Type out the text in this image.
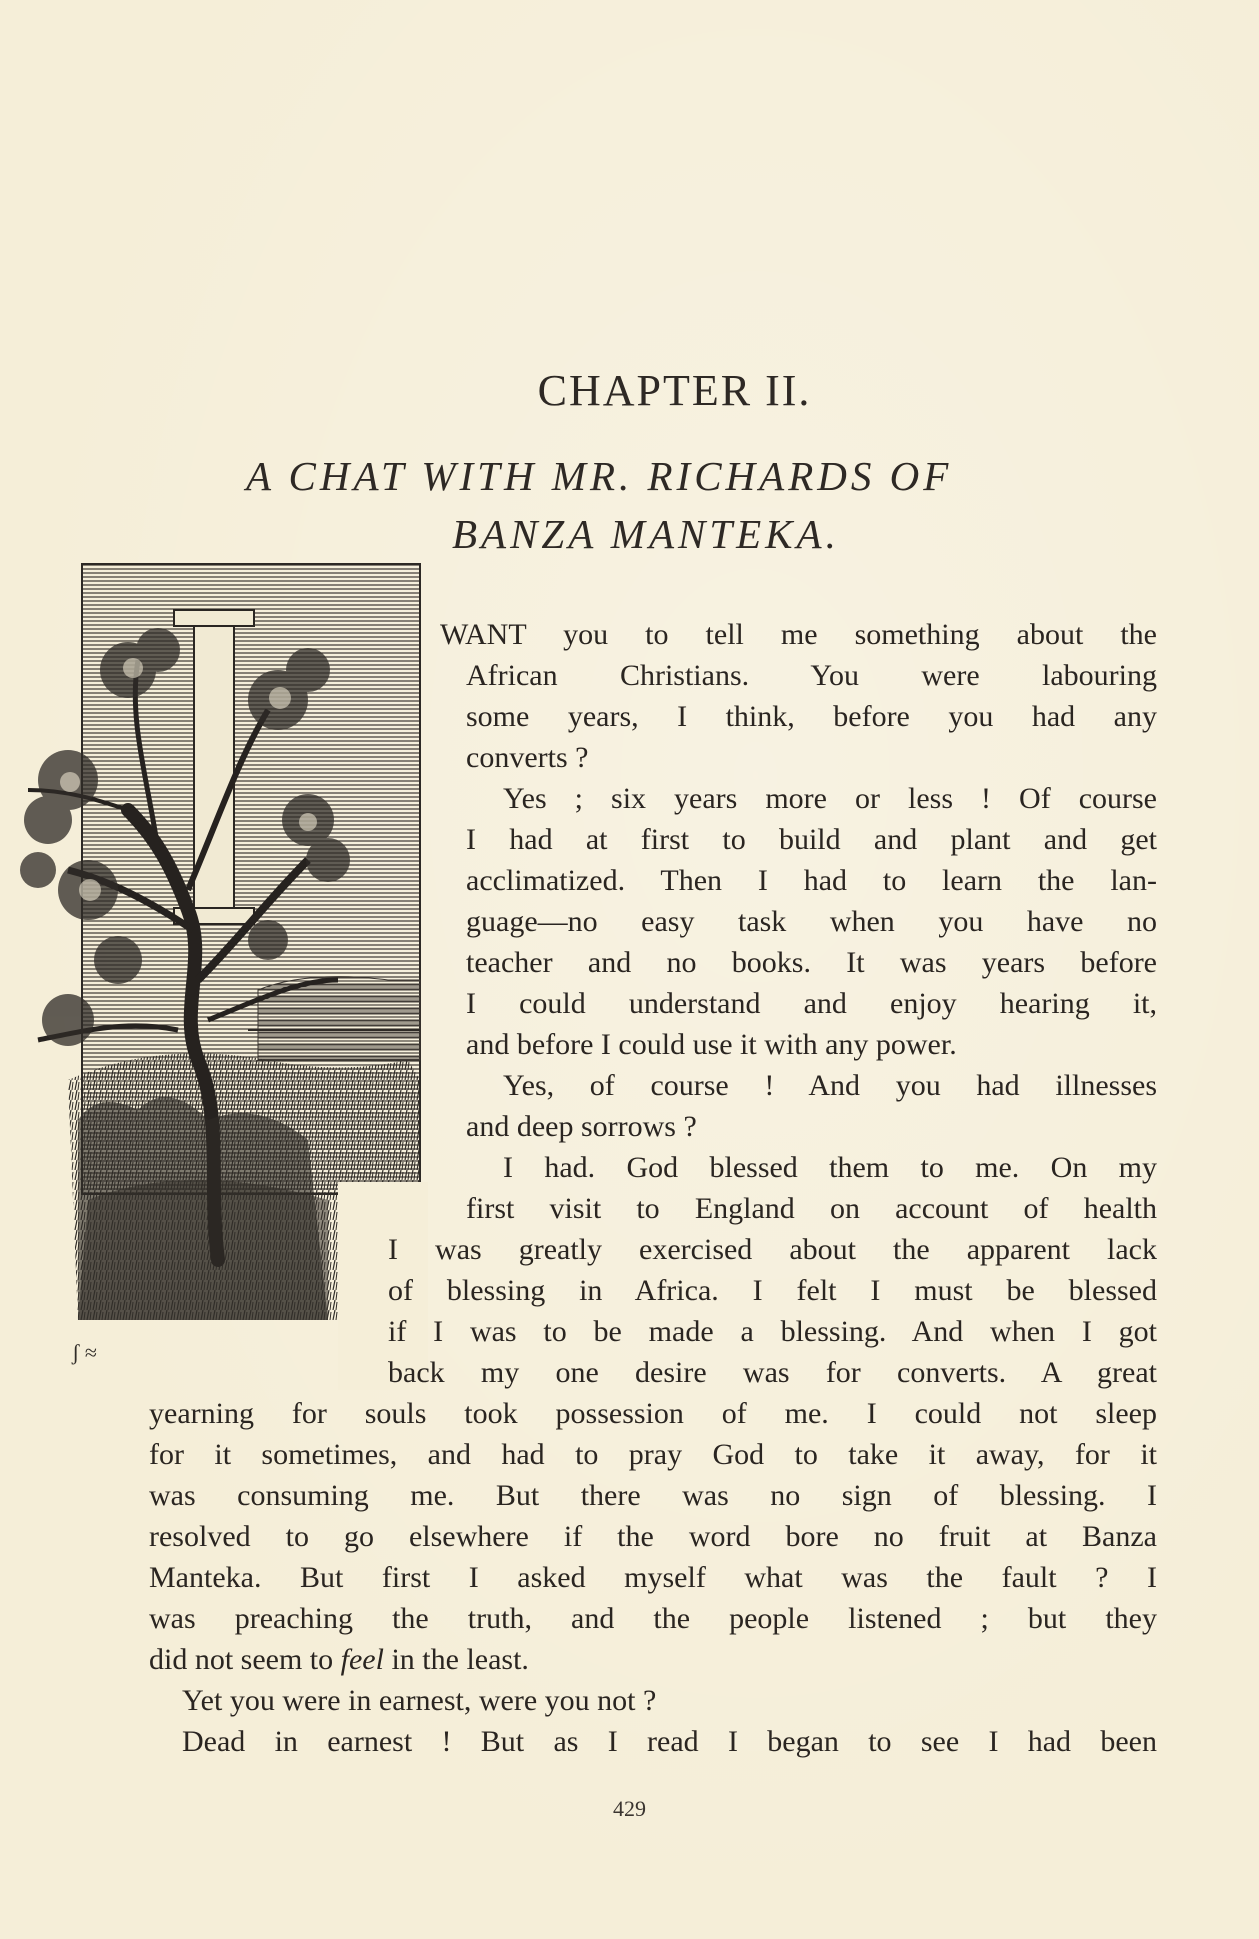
CHAPTER II.
A CHAT WITH MR. RICHARDS OF
BANZA MANTEKA.
ʃ ≈
WANT you to tell me something about the
African Christians. You were labouring
some years, I think, before you had any
converts ?
Yes ; six years more or less ! Of course
I had at first to build and plant and get
acclimatized. Then I had to learn the lan-
guage—no easy task when you have no
teacher and no books. It was years before
I could understand and enjoy hearing it,
and before I could use it with any power.
Yes, of course ! And you had illnesses
and deep sorrows ?
I had. God blessed them to me. On my
first visit to England on account of health
I was greatly exercised about the apparent lack
of blessing in Africa. I felt I must be blessed
if I was to be made a blessing. And when I got
back my one desire was for converts. A great
yearning for souls took possession of me. I could not sleep
for it sometimes, and had to pray God to take it away, for it
was consuming me. But there was no sign of blessing. I
resolved to go elsewhere if the word bore no fruit at Banza
Manteka. But first I asked myself what was the fault ? I
was preaching the truth, and the people listened ; but they
did not seem to feel in the least.
Yet you were in earnest, were you not ?
Dead in earnest ! But as I read I began to see I had been
429
